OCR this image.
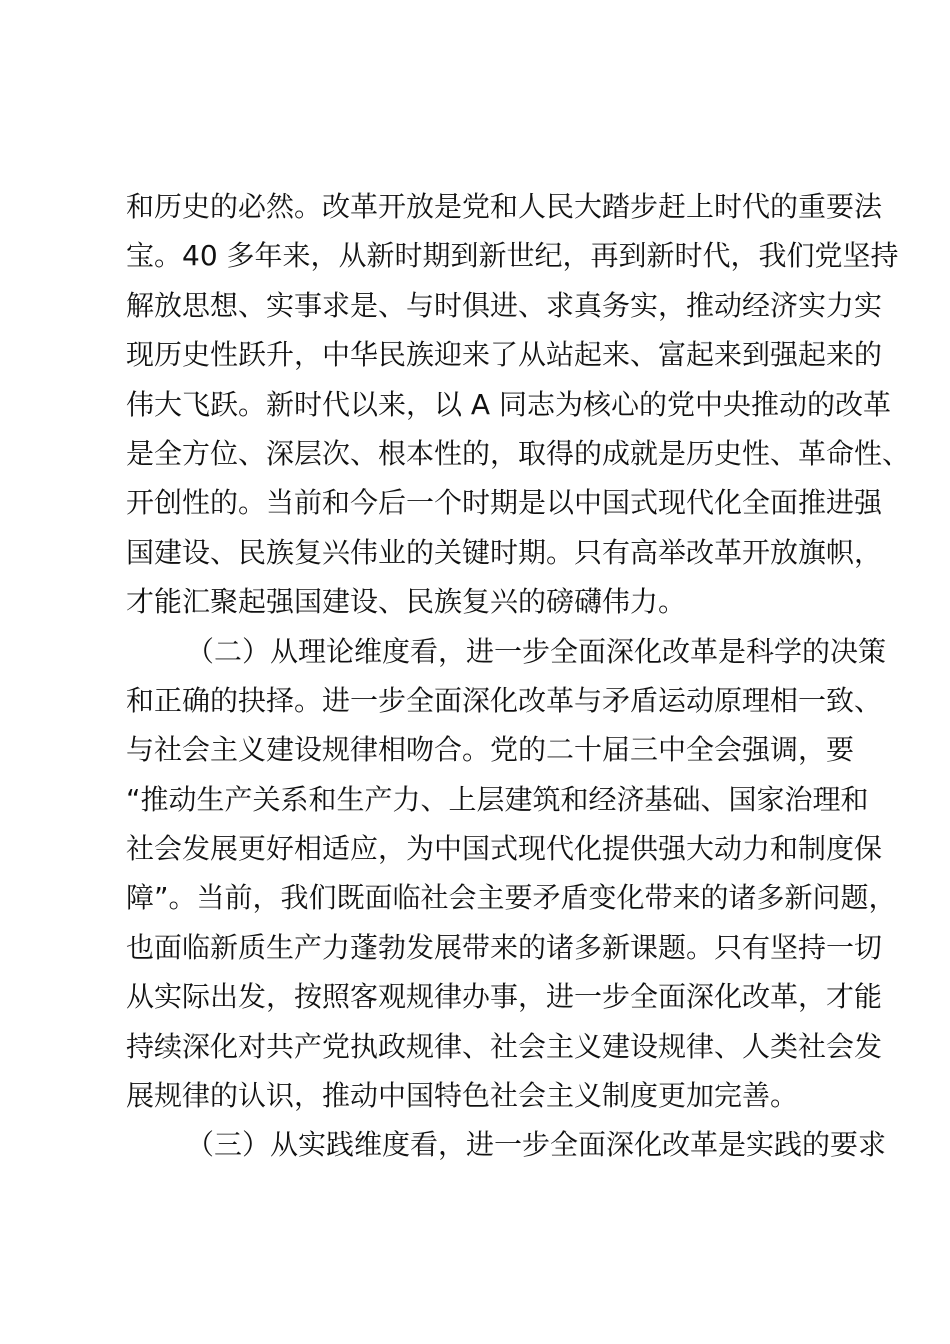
和历史的必然。改革开放是党和人民大踏步赶上时代的重要法

宝。40 多年来，从新时期到新世纪，再到新时代，我们党坚持

解放思想、实事求是、与时俱进、求真务实，推动经济实力实

现历史性跃升，中华民族迎来了从站起来、富起来到强起来的

伟大飞跃。新时代以来，以 A 同志为核心的党中央推动的改革

是全方位、深层次、根本性的，取得的成就是历史性、革命性、

开创性的。当前和今后一个时期是以中国式现代化全面推进强

国建设、民族复兴伟业的关键时期。只有高举改革开放旗帜，

才能汇聚起强国建设、民族复兴的磅礴伟力。

（二）从理论维度看，进一步全面深化改革是科学的决策

和正确的抉择。进一步全面深化改革与矛盾运动原理相一致、

与社会主义建设规律相吻合。党的二十届三中全会强调，要

“推动生产关系和生产力、上层建筑和经济基础、国家治理和

社会发展更好相适应，为中国式现代化提供强大动力和制度保

障”。当前，我们既面临社会主要矛盾变化带来的诸多新问题，

也面临新质生产力蓬勃发展带来的诸多新课题。只有坚持一切

从实际出发，按照客观规律办事，进一步全面深化改革，才能

持续深化对共产党执政规律、社会主义建设规律、人类社会发

展规律的认识，推动中国特色社会主义制度更加完善。

（三）从实践维度看，进一步全面深化改革是实践的要求
